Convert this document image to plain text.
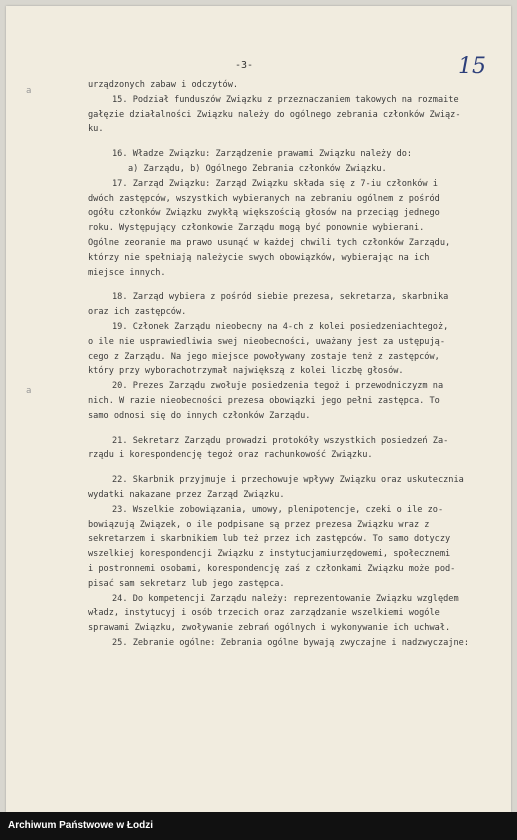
-3-	15
a
a
urządzonych zabaw i odczytów.
15. Podział funduszów Związku z przeznaczaniem takowych na rozmaite
gałęzie działalności Związku należy do ogólnego zebrania członków Związ-
ku.
16. Władze Związku: Zarządzenie prawami Związku należy do:
a) Zarządu, b) Ogólnego Zebrania członków Związku.
17. Zarząd Związku: Zarząd Związku składa się z 7-iu członków i
dwóch zastępców, wszystkich wybieranych na zebraniu ogólnem z pośród
ogółu członków Związku zwykłą większością głosów na przeciąg jednego
roku. Występujący członkowie Zarządu mogą być ponownie wybierani.
Ogólne zeoranie ma prawo usunąć w każdej chwili tych członków Zarządu,
którzy nie spełniają należycie swych obowiązków, wybierając na ich
miejsce innych.
18. Zarząd wybiera z pośród siebie prezesa, sekretarza, skarbnika
oraz ich zastępców.
19. Członek Zarządu nieobecny na 4-ch z kolei posiedzeniachtegoż,
o ile nie usprawiedliwia swej nieobecności, uważany jest za ustępują-
cego z Zarządu. Na jego miejsce powoływany zostaje tenż z zastępców,
który przy wyborachotrzymał największą z kolei liczbę głosów.
20. Prezes Zarządu zwołuje posiedzenia tegoż i przewodniczyzm na
nich. W razie nieobecności prezesa obowiązki jego pełni zastępca. To
samo odnosi się do innych członków Zarządu.
21. Sekretarz Zarządu prowadzi protokóły wszystkich posiedzeń Za-
rządu i korespondencję tegoż oraz rachunkowość Związku.
22. Skarbnik przyjmuje i przechowuje wpływy Związku oraz uskutecznia
wydatki nakazane przez Zarząd Związku.
23. Wszelkie zobowiązania, umowy, plenipotencje, czeki o ile zo-
bowiązują Związek, o ile podpisane są przez prezesa Związku wraz z
sekretarzem i skarbnikiem lub też przez ich zastępców. To samo dotyczy
wszelkiej korespondencji Związku z instytucjamiurzędowemi, społecznemi
i postronnemi osobami, korespondencję zaś z członkami Związku może pod-
pisać sam sekretarz lub jego zastępca.
24. Do kompetencji Zarządu należy: reprezentowanie Związku względem
władz, instytucyj i osób trzecich oraz zarządzanie wszelkiemi wogóle
sprawami Związku, zwoływanie zebrań ogólnych i wykonywanie ich uchwał.
25. Zebranie ogólne: Zebrania ogólne bywają zwyczajne i nadzwyczajne:
Archiwum Państwowe w Łodzi
